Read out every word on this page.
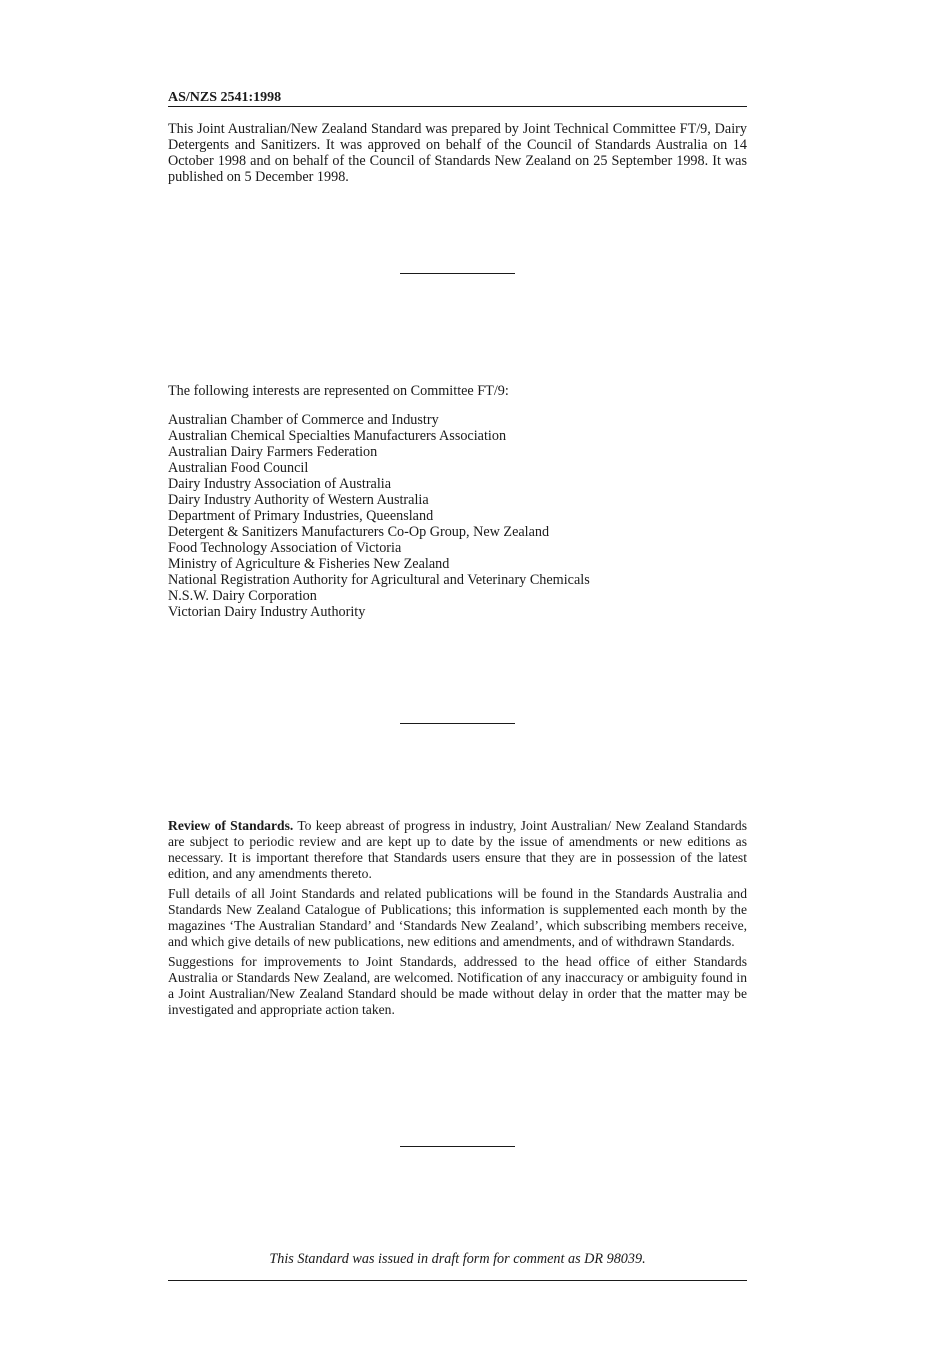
AS/NZS 2541:1998

This Joint Australian/New Zealand Standard was prepared by Joint Technical Committee FT/9, Dairy Detergents and Sanitizers. It was approved on behalf of the Council of Standards Australia on 14 October 1998 and on behalf of the Council of Standards New Zealand on 25 September 1998. It was published on 5 December 1998.

The following interests are represented on Committee FT/9:

Australian Chamber of Commerce and Industry
Australian Chemical Specialties Manufacturers Association
Australian Dairy Farmers Federation
Australian Food Council
Dairy Industry Association of Australia
Dairy Industry Authority of Western Australia
Department of Primary Industries, Queensland
Detergent & Sanitizers Manufacturers Co-Op Group, New Zealand
Food Technology Association of Victoria
Ministry of Agriculture & Fisheries New Zealand
National Registration Authority for Agricultural and Veterinary Chemicals
N.S.W. Dairy Corporation
Victorian Dairy Industry Authority

Review of Standards. To keep abreast of progress in industry, Joint Australian/ New Zealand Standards are subject to periodic review and are kept up to date by the issue of amendments or new editions as necessary. It is important therefore that Standards users ensure that they are in possession of the latest edition, and any amendments thereto.

Full details of all Joint Standards and related publications will be found in the Standards Australia and Standards New Zealand Catalogue of Publications; this information is supplemented each month by the magazines ‘The Australian Standard’ and ‘Standards New Zealand’, which subscribing members receive, and which give details of new publications, new editions and amendments, and of withdrawn Standards.

Suggestions for improvements to Joint Standards, addressed to the head office of either Standards Australia or Standards New Zealand, are welcomed. Notification of any inaccuracy or ambiguity found in a Joint Australian/New Zealand Standard should be made without delay in order that the matter may be investigated and appropriate action taken.

This Standard was issued in draft form for comment as DR 98039.
